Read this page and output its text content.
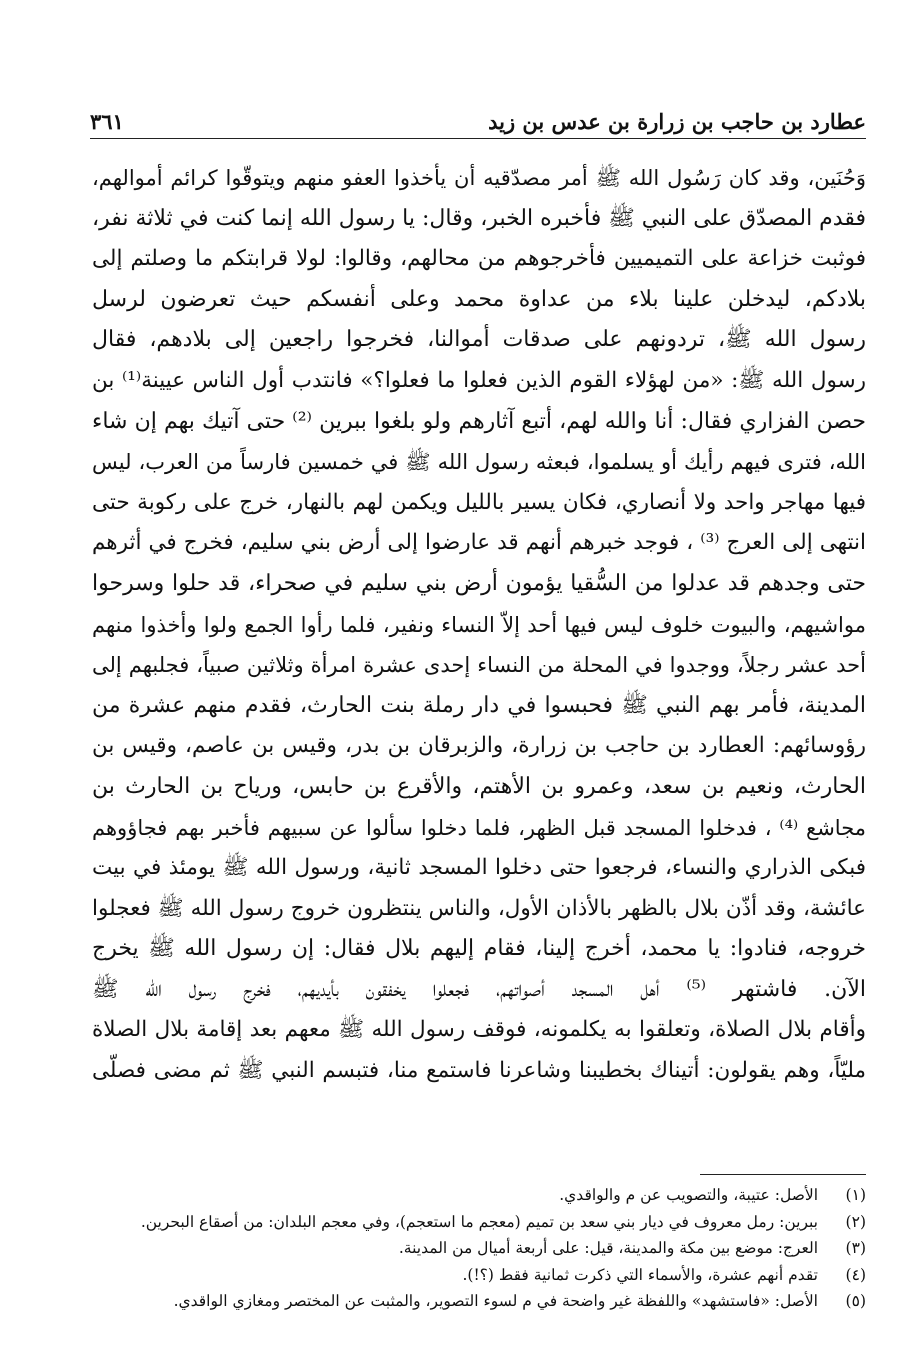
عطارد بن حاجب بن زرارة بن عدس بن زيد
٣٦١
وَحُنَين، وقد كان رَسُول الله ﷺ أمر مصدّقيه أن يأخذوا العفو منهم ويتوقّوا كرائم أموالهم،
فقدم المصدّق على النبي ﷺ فأخبره الخبر، وقال: يا رسول الله إنما كنت في ثلاثة نفر،
فوثبت خزاعة على التميميين فأخرجوهم من محالهم، وقالوا: لولا قرابتكم ما وصلتم إلى
بلادكم، ليدخلن علينا بلاء من عداوة محمد وعلى أنفسكم حيث تعرضون لرسل
رسول الله ﷺ، تردونهم على صدقات أموالنا، فخرجوا راجعين إلى بلادهم، فقال
رسول الله ﷺ: «من لهؤلاء القوم الذين فعلوا ما فعلوا؟» فانتدب أول الناس عيينة⁽¹⁾ بن
حصن الفزاري فقال: أنا والله لهم، أتبع آثارهم ولو بلغوا ببرين ⁽²⁾ حتى آتيك بهم إن شاء
الله، فترى فيهم رأيك أو يسلموا، فبعثه رسول الله ﷺ في خمسين فارساً من العرب، ليس
فيها مهاجر واحد ولا أنصاري، فكان يسير بالليل ويكمن لهم بالنهار، خرج على ركوبة حتى
انتهى إلى العرج ⁽³⁾ ، فوجد خبرهم أنهم قد عارضوا إلى أرض بني سليم، فخرج في أثرهم
حتى وجدهم قد عدلوا من السُّقيا يؤمون أرض بني سليم في صحراء، قد حلوا وسرحوا
مواشيهم، والبيوت خلوف ليس فيها أحد إلاّ النساء ونفير، فلما رأوا الجمع ولوا وأخذوا منهم
أحد عشر رجلاً، ووجدوا في المحلة من النساء إحدى عشرة امرأة وثلاثين صبياً، فجلبهم إلى
المدينة، فأمر بهم النبي ﷺ فحبسوا في دار رملة بنت الحارث، فقدم منهم عشرة من
رؤوسائهم: العطارد بن حاجب بن زرارة، والزبرقان بن بدر، وقيس بن عاصم، وقيس بن
الحارث، ونعيم بن سعد، وعمرو بن الأهتم، والأقرع بن حابس، ورياح بن الحارث بن
مجاشع ⁽⁴⁾ ، فدخلوا المسجد قبل الظهر، فلما دخلوا سألوا عن سبيهم فأخبر بهم فجاؤوهم
فبكى الذراري والنساء، فرجعوا حتى دخلوا المسجد ثانية، ورسول الله ﷺ يومئذ في بيت
عائشة، وقد أذّن بلال بالظهر بالأذان الأول، والناس ينتظرون خروج رسول الله ﷺ فعجلوا
خروجه، فنادوا: يا محمد، أخرج إلينا، فقام إليهم بلال فقال: إن رسول الله ﷺ يخرج
الآن. فاشتهر ⁽⁵⁾ أهل المسجد أصواتهم، فجعلوا يخفقون بأيديهم، فخرج رسول الله ﷺ
وأقام بلال الصلاة، وتعلقوا به يكلمونه، فوقف رسول الله ﷺ معهم بعد إقامة بلال الصلاة
مليّاً، وهم يقولون: أتيناك بخطيبنا وشاعرنا فاستمع منا، فتبسم النبي ﷺ ثم مضى فصلّى
(١)
الأصل: عتيبة، والتصويب عن م والواقدي.
(٢)
ببرين: رمل معروف في ديار بني سعد بن تميم (معجم ما استعجم)، وفي معجم البلدان: من أصقاع البحرين.
(٣)
العرج: موضع بين مكة والمدينة، قيل: على أربعة أميال من المدينة.
(٤)
تقدم أنهم عشرة، والأسماء التي ذكرت ثمانية فقط (؟!).
(٥)
الأصل: «فاستشهد» واللفظة غير واضحة في م لسوء التصوير، والمثبت عن المختصر ومغازي الواقدي.
